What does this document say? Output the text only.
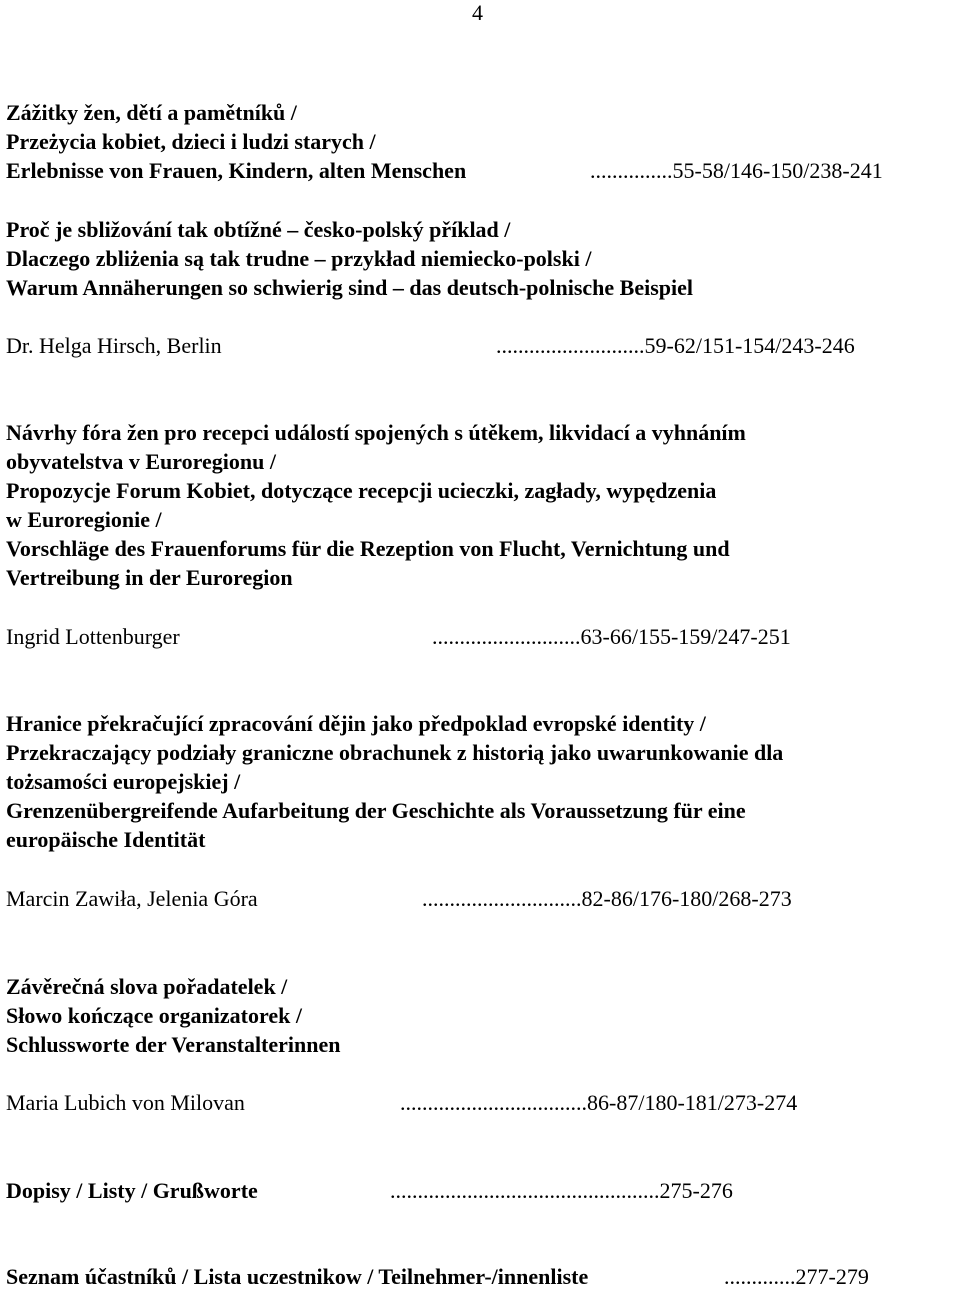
4
Zážitky žen, dětí a pamětníků /
Przeżycia kobiet, dzieci i ludzi starych /
Erlebnisse von Frauen, Kindern, alten Menschen	...............55-58/146-150/238-241
Proč je sbližování tak obtížné – česko-polský příklad /
Dlaczego zbliżenia są tak trudne – przykład niemiecko-polski /
Warum Annäherungen so schwierig sind – das deutsch-polnische Beispiel
Dr. Helga Hirsch, Berlin	...........................59-62/151-154/243-246
Návrhy fóra žen pro recepci událostí spojených s útěkem, likvidací a vyhnáním
obyvatelstva v Euroregionu /
Propozycje Forum Kobiet, dotyczące recepcji ucieczki, zagłady, wypędzenia
w Euroregionie /
Vorschläge des Frauenforums für die Rezeption von Flucht, Vernichtung und
Vertreibung in der Euroregion
Ingrid Lottenburger	...........................63-66/155-159/247-251
Hranice překračující zpracování dějin jako předpoklad evropské identity /
Przekraczający podziały graniczne obrachunek z historią jako uwarunkowanie dla
tożsamości europejskiej /
Grenzenübergreifende Aufarbeitung der Geschichte als Voraussetzung für eine
europäische Identität
Marcin Zawiła, Jelenia Góra	.............................82-86/176-180/268-273
Závěrečná slova pořadatelek /
Słowo kończące organizatorek /
Schlussworte der Veranstalterinnen
Maria Lubich von Milovan	..................................86-87/180-181/273-274
Dopisy / Listy / Grußworte	.................................................275-276
Seznam účastníků / Lista uczestnikow / Teilnehmer-/innenliste	.............277-279
